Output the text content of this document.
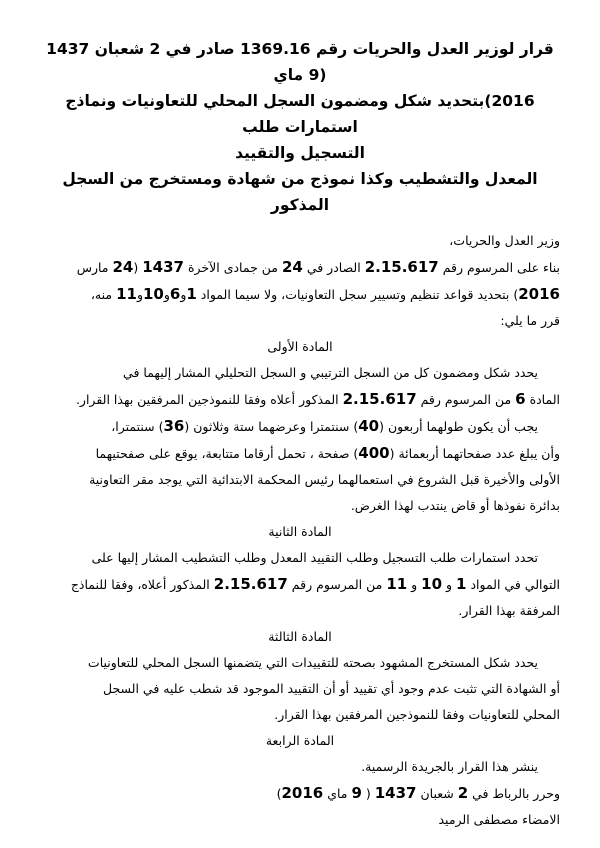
قرار لوزير العدل والحريات رقم 1369.16 صادر في 2 شعبان 1437 (9 ماي

2016)بتحديد شكل ومضمون السجل المحلي للتعاونيات ونماذج استمارات طلب

التسجيل والتقييد

المعدل والتشطيب وكذا نموذج من شهادة ومستخرج من السجل المذكور

وزير العدل والحريات،

بناء على المرسوم رقم 2.15.617 الصادر في 24 من جمادى الآخرة 1437 (24 مارس

2016) بتحديد قواعد تنظيم وتسيير سجل التعاونيات، ولا سيما المواد 1و6و10و11 منه،

قرر ما يلي:

المادة الأولى

يحدد شكل ومضمون كل من السجل الترتيبي و السجل التحليلي المشار إليهما في

المادة 6 من المرسوم رقم 2.15.617 المذكور أعلاه وفقا للنموذجين المرفقين بهذا القرار.

يجب أن يكون طولهما أربعون (40) سنتمترا وعرضهما ستة وثلاثون (36) سنتمترا،

وأن يبلغ عدد صفحاتهما أربعمائة (400) صفحة ، تحمل أرقاما متتابعة، يوقع على صفحتيهما

الأولى والأخيرة قبل الشروع في استعمالهما رئيس المحكمة الابتدائية التي يوجد مقر التعاونية

بدائرة نفوذها أو قاض ينتدب لهذا الغرض.

المادة الثانية

تحدد استمارات طلب التسجيل وطلب التقييد المعدل وطلب التشطيب المشار إليها على

التوالي في المواد 1 و 10 و 11 من المرسوم رقم 2.15.617 المذكور أعلاه، وفقا للنماذج

المرفقة بهذا القرار.

المادة الثالثة

يحدد شكل المستخرج المشهود بصحته للتقييدات التي يتضمنها السجل المحلي للتعاونيات

أو الشهادة التي تثبت عدم وجود أي تقييد أو أن التقييد الموجود قد شطب عليه في السجل

المحلي للتعاونيات وفقا للنموذجين المرفقين بهذا القرار.

المادة الرابعة

ينشر هذا القرار بالجريدة الرسمية.

وحرر بالرباط في 2 شعبان 1437 ( 9 ماي 2016)

الامضاء مصطفى الرميد
